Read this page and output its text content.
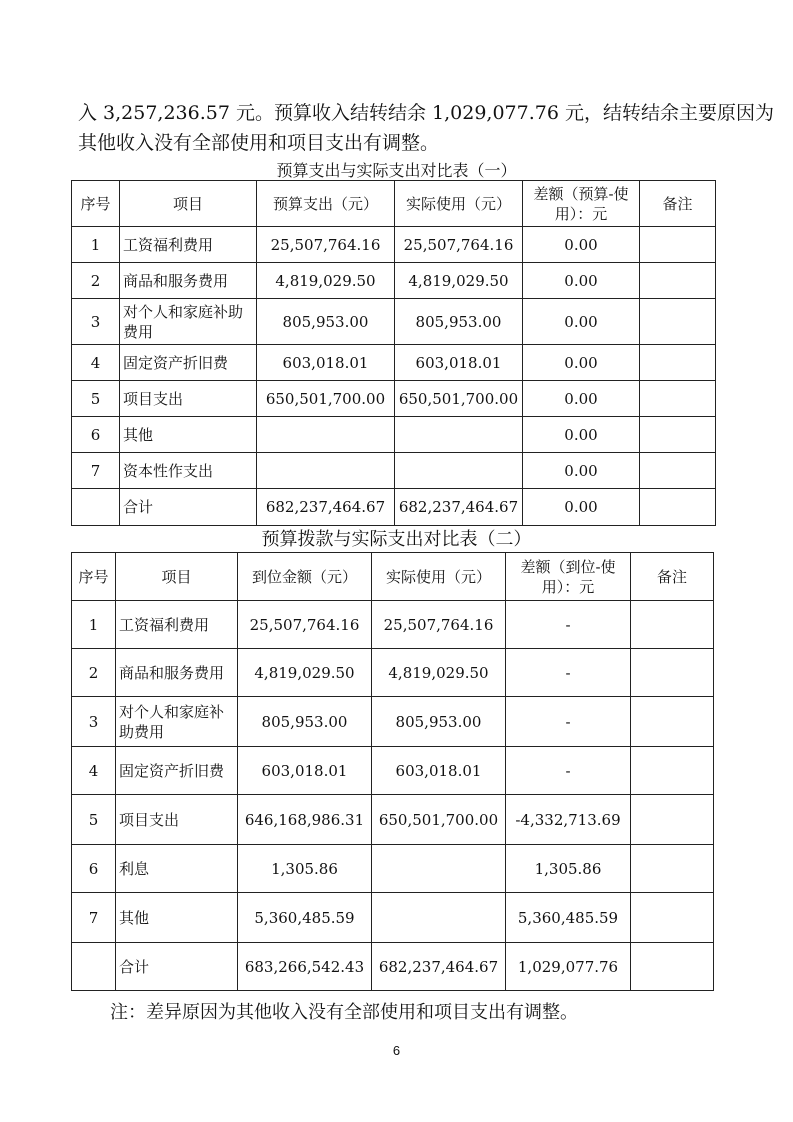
入 3,257,236.57 元。预算收入结转结余 1,029,077.76 元，结转结余主要原因为
其他收入没有全部使用和项目支出有调整。
预算支出与实际支出对比表（一）
序号	项目	预算支出（元）	实际使用（元）	差额（预算-使用）：元	备注
1	工资福利费用	25,507,764.16	25,507,764.16	0.00	
2	商品和服务费用	4,819,029.50	4,819,029.50	0.00	
3	对个人和家庭补助费用	805,953.00	805,953.00	0.00	
4	固定资产折旧费	603,018.01	603,018.01	0.00	
5	项目支出	650,501,700.00	650,501,700.00	0.00	
6	其他			0.00	
7	资本性作支出			0.00	
	合计	682,237,464.67	682,237,464.67	0.00	
预算拨款与实际支出对比表（二）
序号	项目	到位金额（元）	实际使用（元）	差额（到位-使用）：元	备注
1	工资福利费用	25,507,764.16	25,507,764.16	-	
2	商品和服务费用	4,819,029.50	4,819,029.50	-	
3	对个人和家庭补助费用	805,953.00	805,953.00	-	
4	固定资产折旧费	603,018.01	603,018.01	-	
5	项目支出	646,168,986.31	650,501,700.00	-4,332,713.69	
6	利息	1,305.86		1,305.86	
7	其他	5,360,485.59		5,360,485.59	
	合计	683,266,542.43	682,237,464.67	1,029,077.76	
注：差异原因为其他收入没有全部使用和项目支出有调整。
6
